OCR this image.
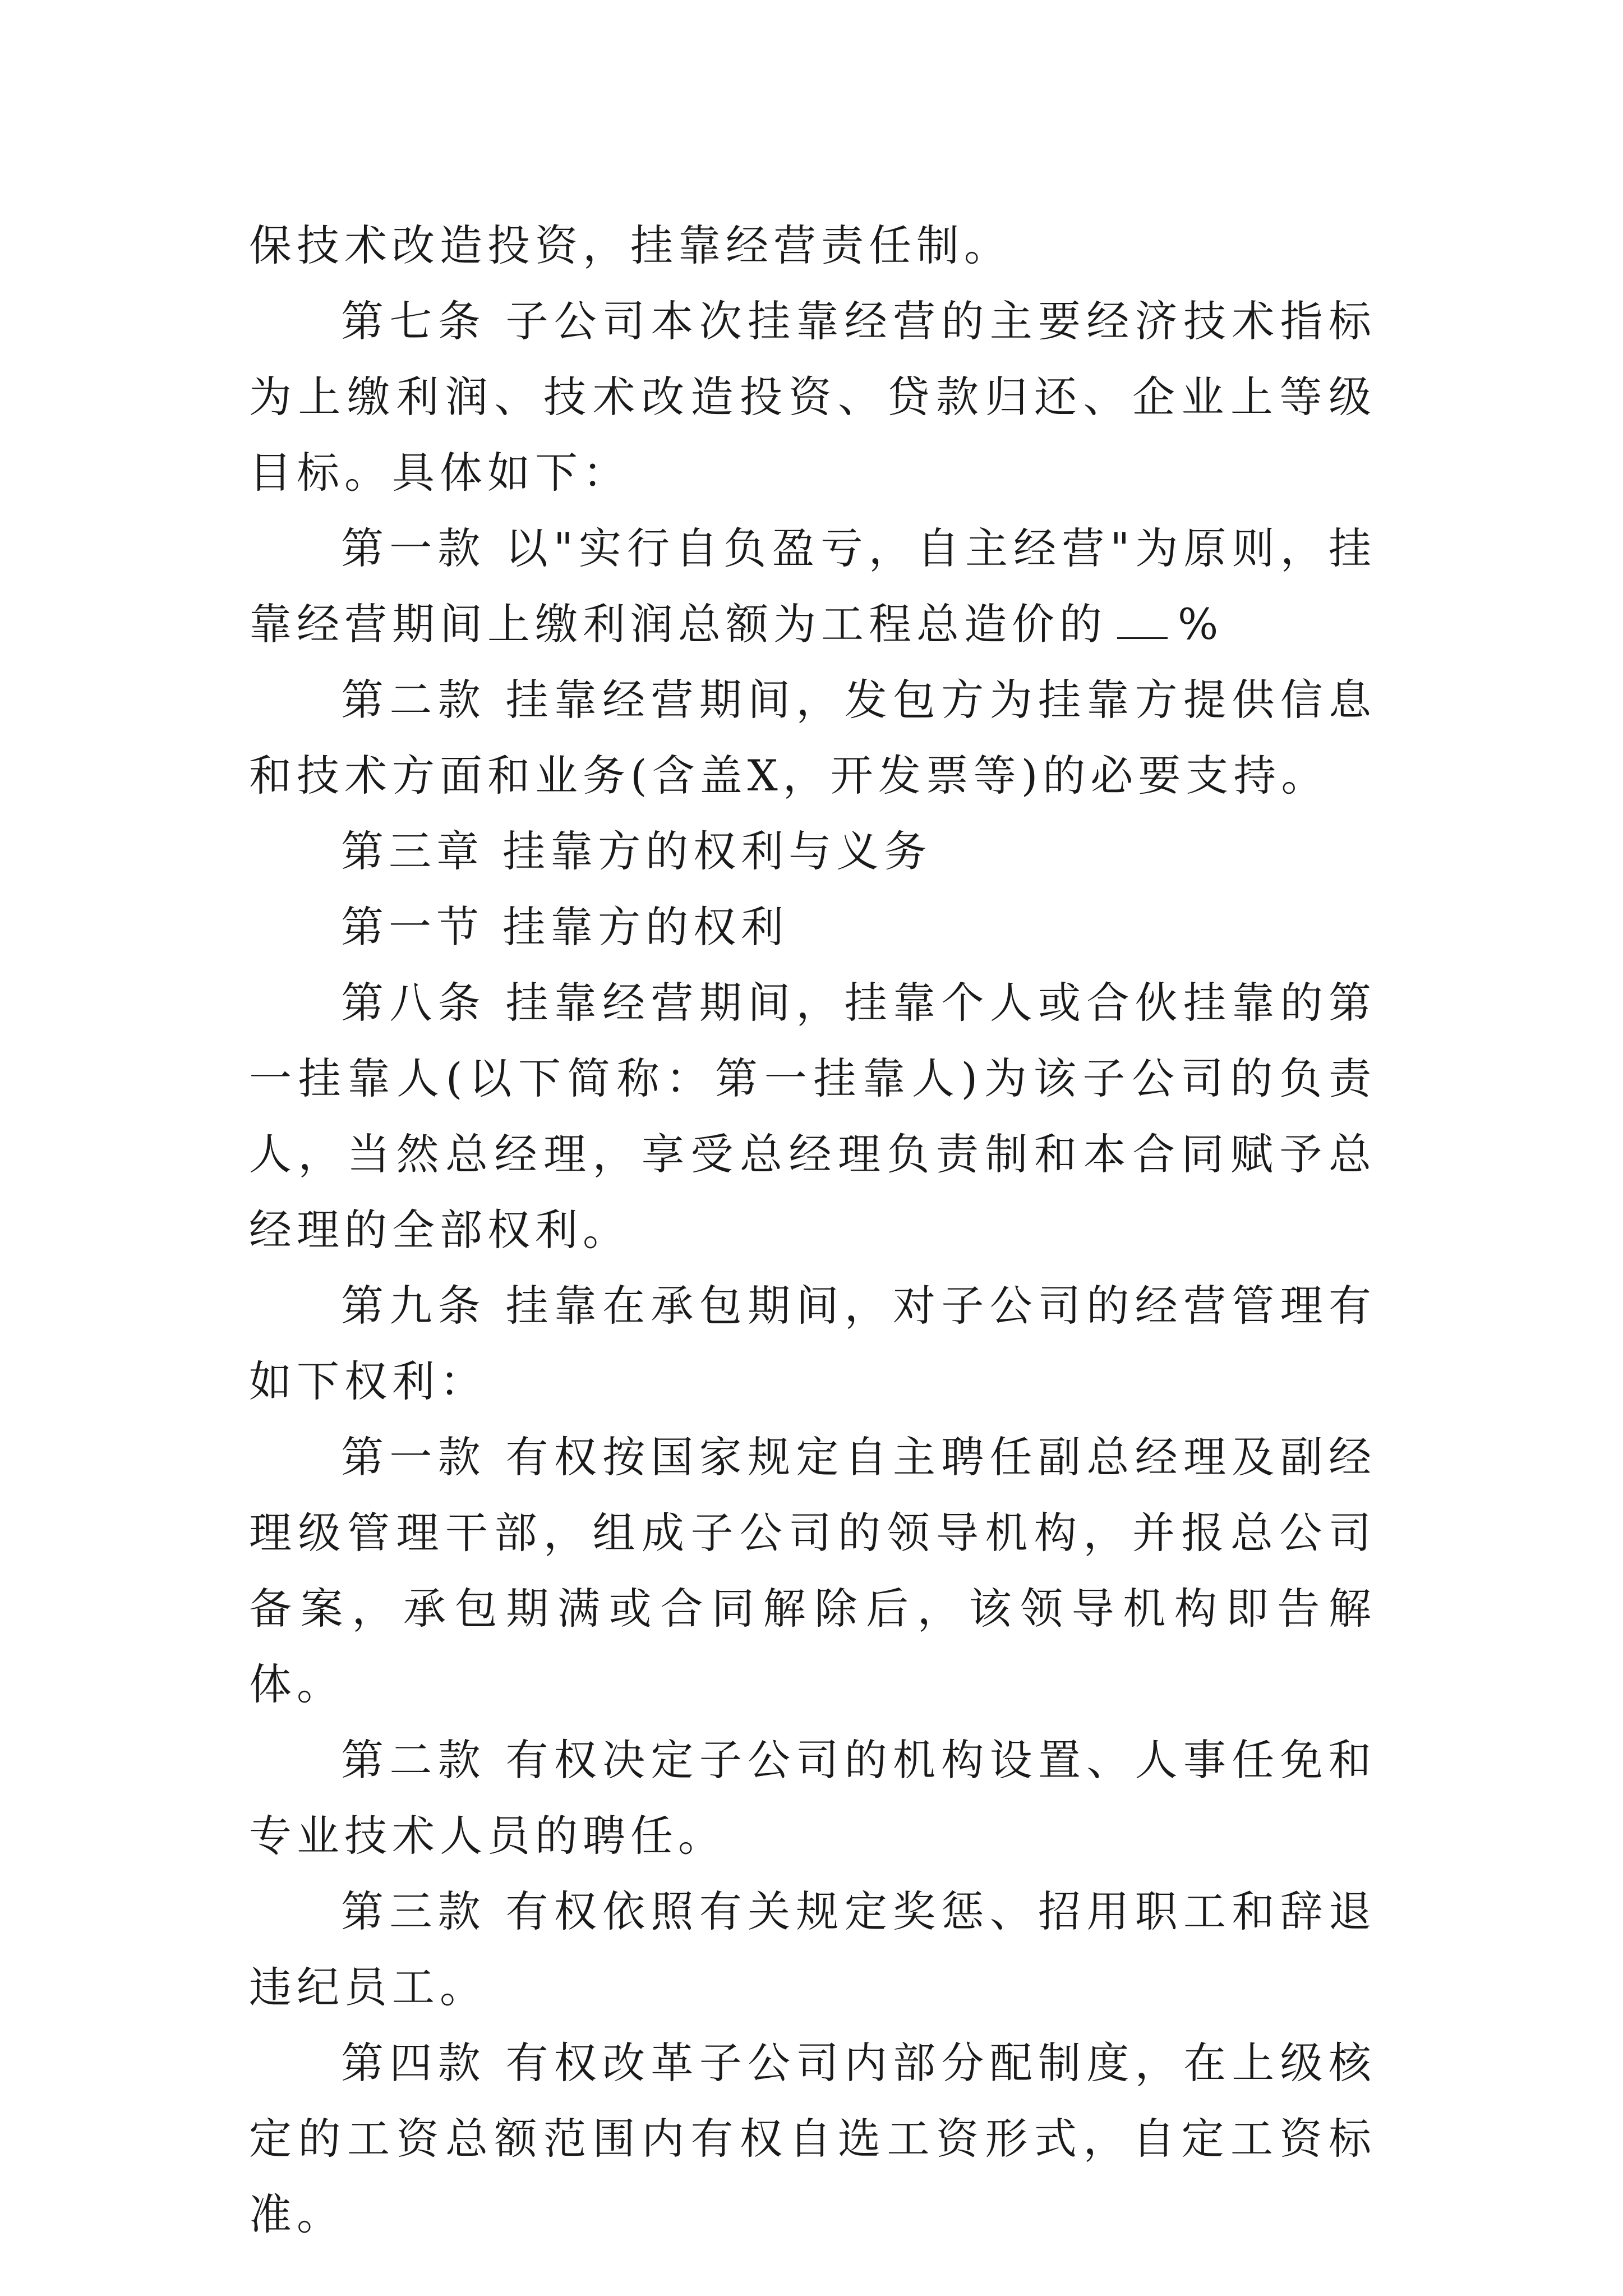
保技术改造投资，挂靠经营责任制。

第七条 子公司本次挂靠经营的主要经济技术指标为上缴利润、技术改造投资、贷款归还、企业上等级目标。具体如下：

第一款 以"实行自负盈亏，自主经营"为原则，挂靠经营期间上缴利润总额为工程总造价的 %

第二款 挂靠经营期间，发包方为挂靠方提供信息和技术方面和业务(含盖X，开发票等)的必要支持。

第三章 挂靠方的权利与义务

第一节 挂靠方的权利

第八条 挂靠经营期间，挂靠个人或合伙挂靠的第一挂靠人(以下简称：第一挂靠人)为该子公司的负责人，当然总经理，享受总经理负责制和本合同赋予总经理的全部权利。

第九条 挂靠在承包期间，对子公司的经营管理有如下权利：

第一款 有权按国家规定自主聘任副总经理及副经理级管理干部，组成子公司的领导机构，并报总公司备案，承包期满或合同解除后，该领导机构即告解体。

第二款 有权决定子公司的机构设置、人事任免和专业技术人员的聘任。

第三款 有权依照有关规定奖惩、招用职工和辞退违纪员工。

第四款 有权改革子公司内部分配制度，在上级核定的工资总额范围内有权自选工资形式，自定工资标准。
